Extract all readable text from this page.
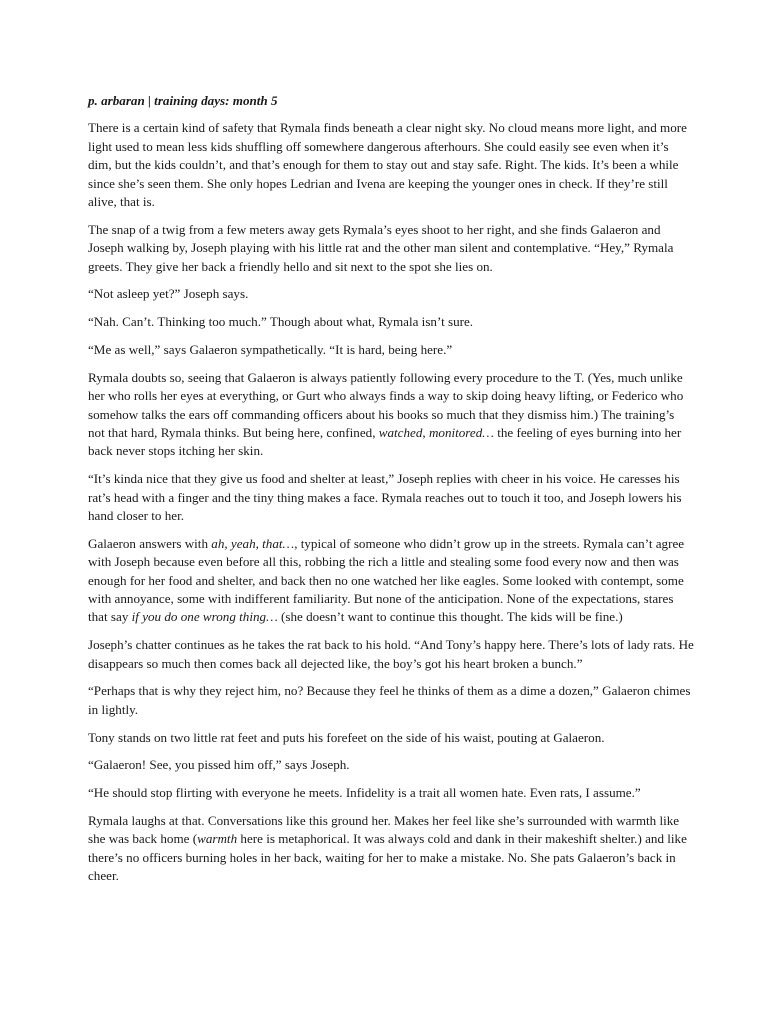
p. arbaran | training days: month 5

There is a certain kind of safety that Rymala finds beneath a clear night sky. No cloud means more light, and more light used to mean less kids shuffling off somewhere dangerous afterhours. She could easily see even when it’s dim, but the kids couldn’t, and that’s enough for them to stay out and stay safe. Right. The kids. It’s been a while since she’s seen them. She only hopes Ledrian and Ivena are keeping the younger ones in check. If they’re still alive, that is.

The snap of a twig from a few meters away gets Rymala’s eyes shoot to her right, and she finds Galaeron and Joseph walking by, Joseph playing with his little rat and the other man silent and contemplative. “Hey,” Rymala greets. They give her back a friendly hello and sit next to the spot she lies on.

“Not asleep yet?” Joseph says.

“Nah. Can’t. Thinking too much.” Though about what, Rymala isn’t sure.

“Me as well,” says Galaeron sympathetically. “It is hard, being here.”

Rymala doubts so, seeing that Galaeron is always patiently following every procedure to the T. (Yes, much unlike her who rolls her eyes at everything, or Gurt who always finds a way to skip doing heavy lifting, or Federico who somehow talks the ears off commanding officers about his books so much that they dismiss him.) The training’s not that hard, Rymala thinks. But being here, confined, watched, monitored… the feeling of eyes burning into her back never stops itching her skin.

“It’s kinda nice that they give us food and shelter at least,” Joseph replies with cheer in his voice. He caresses his rat’s head with a finger and the tiny thing makes a face. Rymala reaches out to touch it too, and Joseph lowers his hand closer to her.

Galaeron answers with ah, yeah, that…, typical of someone who didn’t grow up in the streets. Rymala can’t agree with Joseph because even before all this, robbing the rich a little and stealing some food every now and then was enough for her food and shelter, and back then no one watched her like eagles. Some looked with contempt, some with annoyance, some with indifferent familiarity. But none of the anticipation. None of the expectations, stares that say if you do one wrong thing… (she doesn’t want to continue this thought. The kids will be fine.)

Joseph’s chatter continues as he takes the rat back to his hold. “And Tony’s happy here. There’s lots of lady rats. He disappears so much then comes back all dejected like, the boy’s got his heart broken a bunch.”

“Perhaps that is why they reject him, no? Because they feel he thinks of them as a dime a dozen,” Galaeron chimes in lightly.

Tony stands on two little rat feet and puts his forefeet on the side of his waist, pouting at Galaeron.

“Galaeron! See, you pissed him off,” says Joseph.

“He should stop flirting with everyone he meets. Infidelity is a trait all women hate. Even rats, I assume.”

Rymala laughs at that. Conversations like this ground her. Makes her feel like she’s surrounded with warmth like she was back home (warmth here is metaphorical. It was always cold and dank in their makeshift shelter.) and like there’s no officers burning holes in her back, waiting for her to make a mistake. No. She pats Galaeron’s back in cheer.
